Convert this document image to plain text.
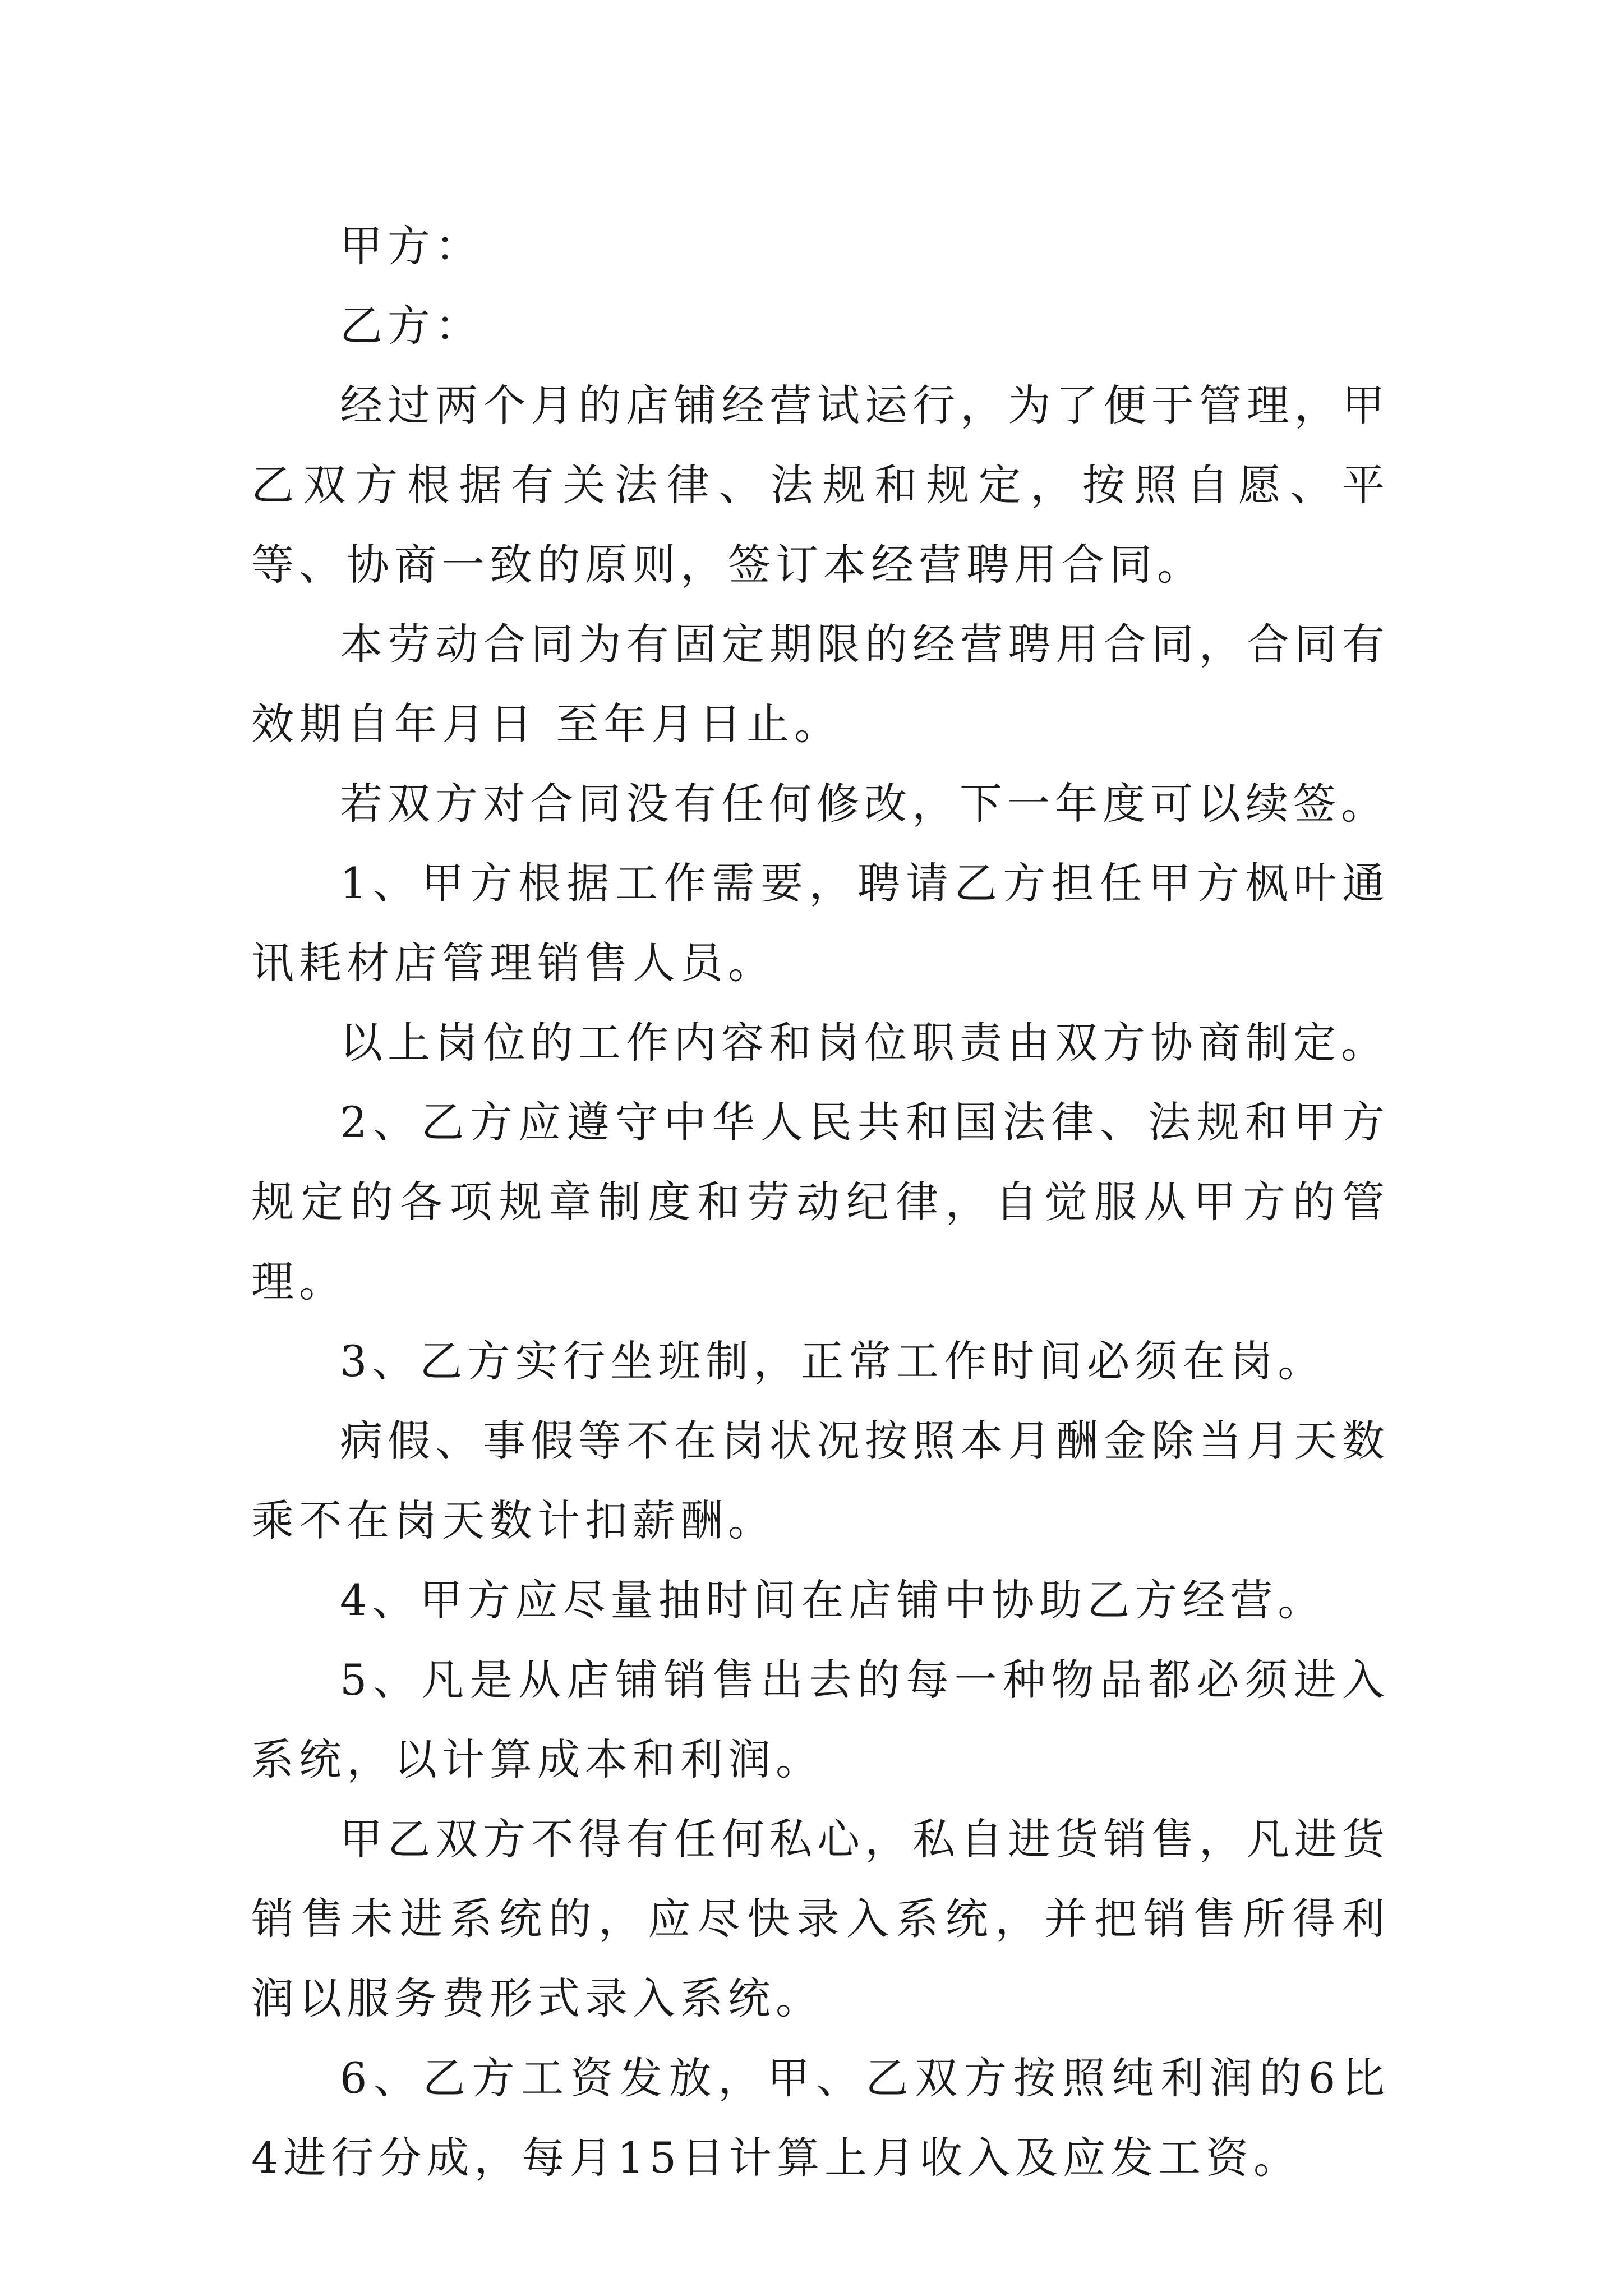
甲方：

乙方：

经过两个月的店铺经营试运行，为了便于管理，甲乙双方根据有关法律、法规和规定，按照自愿、平等、协商一致的原则，签订本经营聘用合同。

本劳动合同为有固定期限的经营聘用合同，合同有效期自年月日 至年月日止。

若双方对合同没有任何修改，下一年度可以续签。

1、甲方根据工作需要，聘请乙方担任甲方枫叶通讯耗材店管理销售人员。

以上岗位的工作内容和岗位职责由双方协商制定。

2、乙方应遵守中华人民共和国法律、法规和甲方规定的各项规章制度和劳动纪律，自觉服从甲方的管理。

3、乙方实行坐班制，正常工作时间必须在岗。

病假、事假等不在岗状况按照本月酬金除当月天数乘不在岗天数计扣薪酬。

4、甲方应尽量抽时间在店铺中协助乙方经营。

5、凡是从店铺销售出去的每一种物品都必须进入系统，以计算成本和利润。

甲乙双方不得有任何私心，私自进货销售，凡进货销售未进系统的，应尽快录入系统，并把销售所得利润以服务费形式录入系统。

6、乙方工资发放，甲、乙双方按照纯利润的6比4进行分成，每月15日计算上月收入及应发工资。
